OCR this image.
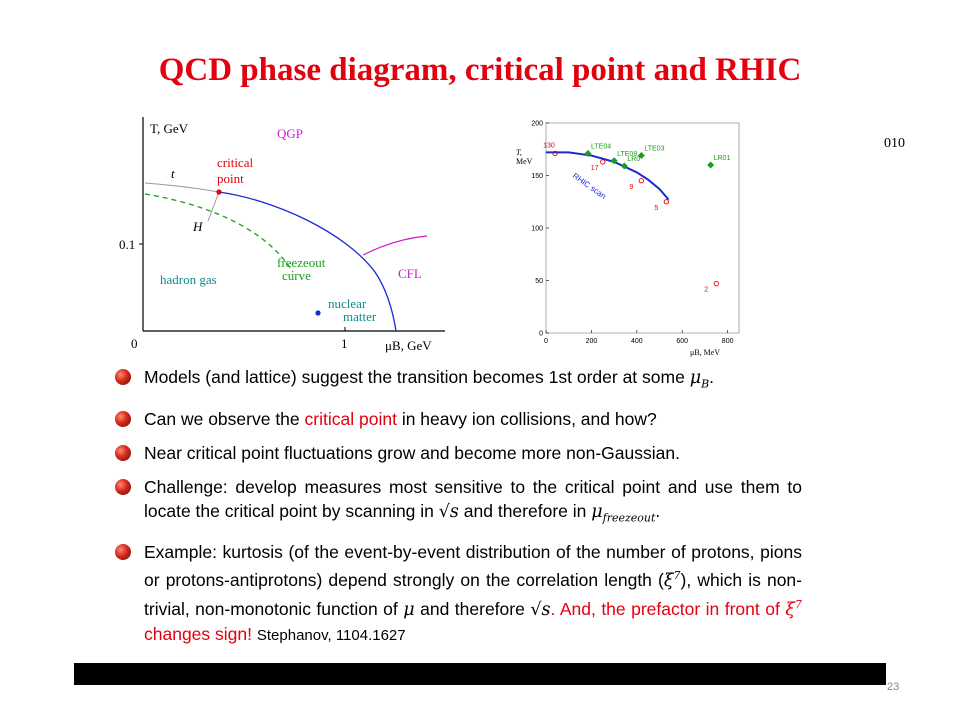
QCD phase diagram, critical point and RHIC
T, GeV
μB, GeV
0	1
0.1
QGP
critical
point
t
H
hadron gas
freezeout
curve	CFL
nuclear
matter
0	200	400	600	800
0
50
100
150
200
LTE04
LTE08
LR0
LTE03
LR01
130
17
9
5
2
T,
MeV
RHIC scan
μB, MeV
010
Models (and lattice) suggest the transition becomes 1st order at some $\mu_B$.
Can we observe the critical point in heavy ion collisions, and how?
Near critical point fluctuations grow and become more non-Gaussian.
Challenge: develop measures most sensitive to the critical point and use them to locate the critical point by scanning in √s and therefore in $\mu_{freezeout}$.
Example: kurtosis (of the event-by-event distribution of the number of protons, pions or protons-antiprotons) depend strongly on the correlation length $(\xi^7)$, which is non-trivial, non-monotonic function of μ and therefore √s. And, the prefactor in front of $\xi^7$ changes sign! Stephanov, 1104.1627
23
